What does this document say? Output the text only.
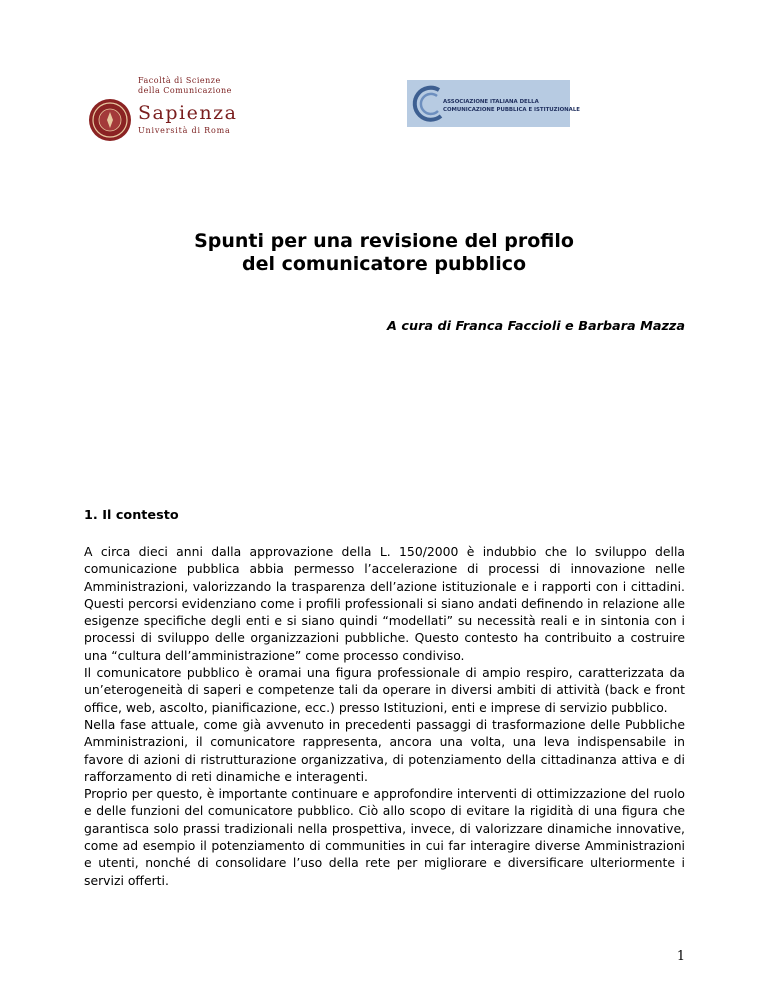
Facoltà di Scienze
della Comunicazione
Sapienza
Università di Roma
ASSOCIAZIONE ITALIANA DELLA
COMUNICAZIONE PUBBLICA E ISTITUZIONALE
Spunti per una revisione del profilo
del comunicatore pubblico
A cura di Franca Faccioli e Barbara Mazza
1. Il contesto

A circa dieci anni dalla approvazione della L. 150/2000 è indubbio che lo sviluppo della comunicazione pubblica abbia permesso l’accelerazione di processi di innovazione nelle Amministrazioni, valorizzando la trasparenza dell’azione istituzionale e i rapporti con i cittadini. Questi percorsi evidenziano come i profili professionali si siano andati definendo in relazione alle esigenze specifiche degli enti e si siano quindi “modellati” su necessità reali e in sintonia con i processi di sviluppo delle organizzazioni pubbliche. Questo contesto ha contribuito a costruire una “cultura dell’amministrazione” come processo condiviso.

Il comunicatore pubblico è oramai una figura professionale di ampio respiro, caratterizzata da un’eterogeneità di saperi e competenze tali da operare in diversi ambiti di attività (back e front office, web, ascolto, pianificazione, ecc.) presso Istituzioni, enti e imprese di servizio pubblico.

Nella fase attuale, come già avvenuto in precedenti passaggi di trasformazione delle Pubbliche Amministrazioni, il comunicatore rappresenta, ancora una volta, una leva indispensabile in favore di azioni di ristrutturazione organizzativa, di potenziamento della cittadinanza attiva e di rafforzamento di reti dinamiche e interagenti.

Proprio per questo, è importante continuare e approfondire interventi di ottimizzazione del ruolo e delle funzioni del comunicatore pubblico. Ciò allo scopo di evitare la rigidità di una figura che garantisca solo prassi tradizionali nella prospettiva, invece, di valorizzare dinamiche innovative, come ad esempio il potenziamento di communities in cui far interagire diverse Amministrazioni e utenti, nonché di consolidare l’uso della rete per migliorare e diversificare ulteriormente i servizi offerti.

1
